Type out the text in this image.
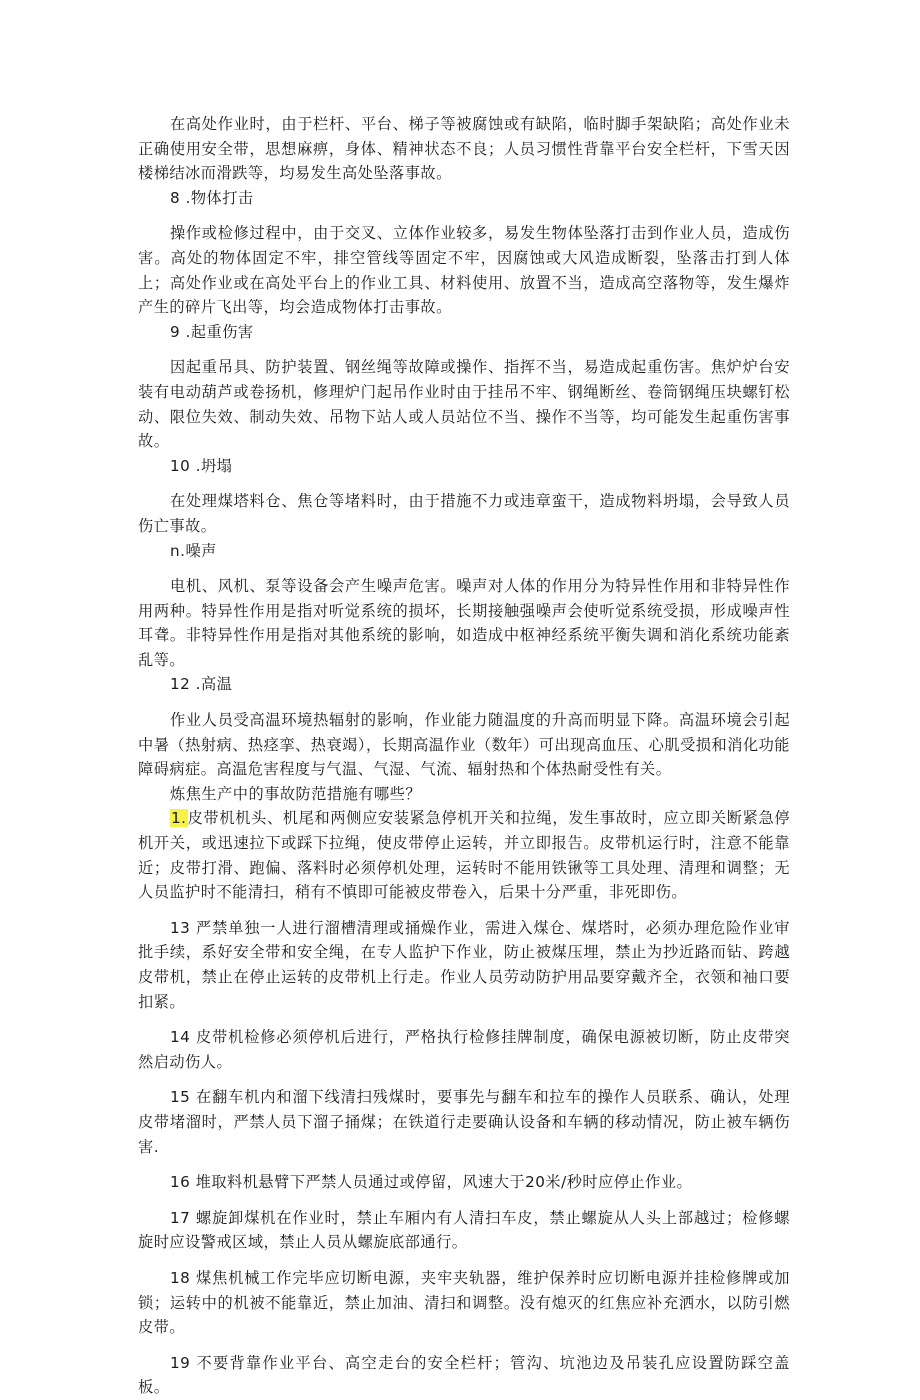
在高处作业时，由于栏杆、平台、梯子等被腐蚀或有缺陷，临时脚手架缺陷；高处作业未正确使用安全带，思想麻痹，身体、精神状态不良；人员习惯性背靠平台安全栏杆，下雪天因楼梯结冰而滑跌等，均易发生高处坠落事故。

8 .物体打击

操作或检修过程中，由于交叉、立体作业较多，易发生物体坠落打击到作业人员，造成伤害。高处的物体固定不牢，排空管线等固定不牢，因腐蚀或大风造成断裂，坠落击打到人体上；高处作业或在高处平台上的作业工具、材料使用、放置不当，造成高空落物等，发生爆炸产生的碎片飞出等，均会造成物体打击事故。

9 .起重伤害

因起重吊具、防护装置、钢丝绳等故障或操作、指挥不当，易造成起重伤害。焦炉炉台安装有电动葫芦或卷扬机，修理炉门起吊作业时由于挂吊不牢、钢绳断丝、卷筒钢绳压块螺钉松动、限位失效、制动失效、吊物下站人或人员站位不当、操作不当等，均可能发生起重伤害事故。

10 .坍塌

在处理煤塔料仓、焦仓等堵料时，由于措施不力或违章蛮干，造成物料坍塌，会导致人员伤亡事故。

n.噪声

电机、风机、泵等设备会产生噪声危害。噪声对人体的作用分为特异性作用和非特异性作用两种。特异性作用是指对听觉系统的损坏，长期接触强噪声会使听觉系统受损，形成噪声性耳聋。非特异性作用是指对其他系统的影响，如造成中枢神经系统平衡失调和消化系统功能紊乱等。

12 .高温

作业人员受高温环境热辐射的影响，作业能力随温度的升高而明显下降。高温环境会引起中暑（热射病、热痉挛、热衰竭），长期高温作业（数年）可出现高血压、心肌受损和消化功能障碍病症。高温危害程度与气温、气湿、气流、辐射热和个体热耐受性有关。

炼焦生产中的事故防范措施有哪些？

1.皮带机机头、机尾和两侧应安装紧急停机开关和拉绳，发生事故时，应立即关断紧急停机开关，或迅速拉下或踩下拉绳，使皮带停止运转，并立即报告。皮带机运行时，注意不能靠近；皮带打滑、跑偏、落料时必须停机处理，运转时不能用铁锹等工具处理、清理和调整；无人员监护时不能清扫，稍有不慎即可能被皮带卷入，后果十分严重，非死即伤。

13 严禁单独一人进行溜槽清理或捅燥作业，需进入煤仓、煤塔时，必须办理危险作业审批手续，系好安全带和安全绳，在专人监护下作业，防止被煤压埋，禁止为抄近路而钻、跨越皮带机，禁止在停止运转的皮带机上行走。作业人员劳动防护用品要穿戴齐全，衣领和袖口要扣紧。

14 皮带机检修必须停机后进行，严格执行检修挂牌制度，确保电源被切断，防止皮带突然启动伤人。

15 在翻车机内和溜下线清扫残煤时，要事先与翻车和拉车的操作人员联系、确认，处理皮带堵溜时，严禁人员下溜子捅煤；在铁道行走要确认设备和车辆的移动情况，防止被车辆伤害.

16 堆取料机悬臂下严禁人员通过或停留，风速大于20米/秒时应停止作业。

17 螺旋卸煤机在作业时，禁止车厢内有人清扫车皮，禁止螺旋从人头上部越过；检修螺旋时应设警戒区域，禁止人员从螺旋底部通行。

18 煤焦机械工作完毕应切断电源，夹牢夹轨器，维护保养时应切断电源并挂检修牌或加锁；运转中的机被不能靠近，禁止加油、清扫和调整。没有熄灭的红焦应补充洒水，以防引燃皮带。

19 不要背靠作业平台、高空走台的安全栏杆；管沟、坑池边及吊装孔应设置防踩空盖板。
